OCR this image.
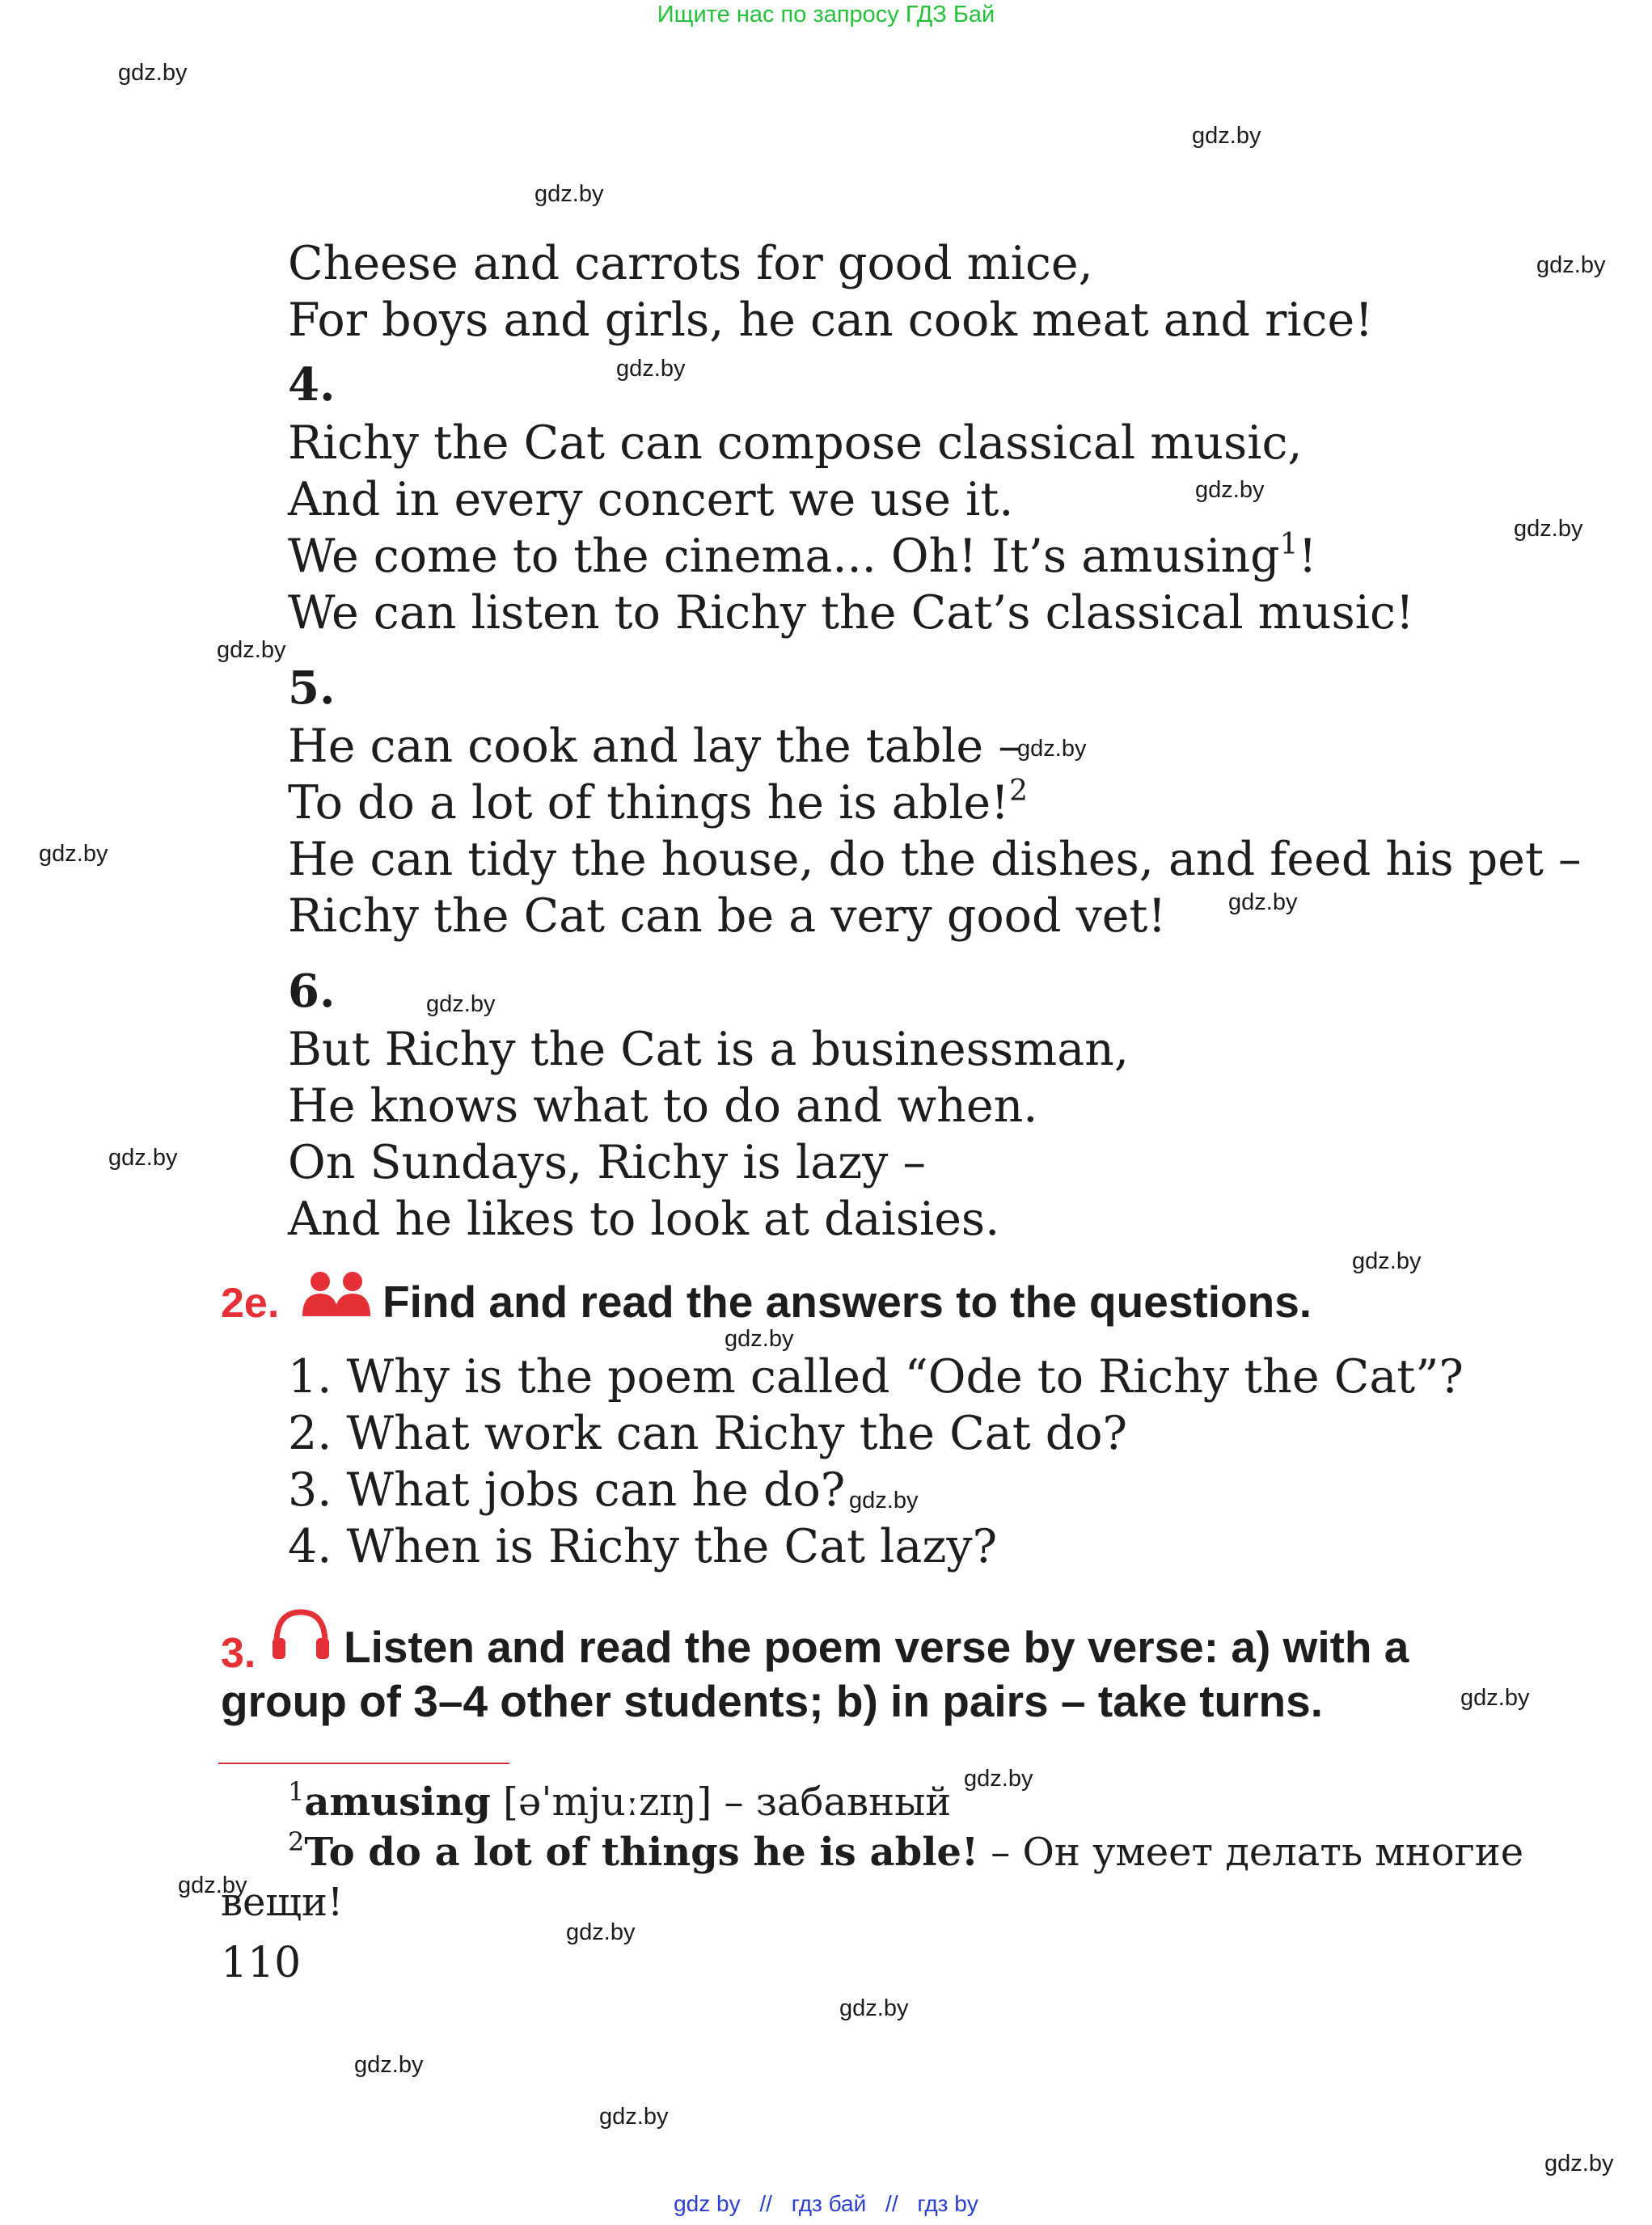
Ищите нас по запросу ГДЗ Бай
gdz.by
gdz.by
gdz.by
gdz.by
gdz.by
gdz.by
gdz.by
gdz.by
gdz.by
gdz.by
gdz.by
gdz.by
gdz.by
gdz.by
gdz.by
gdz.by
gdz.by
gdz.by
gdz.by
gdz.by
gdz.by
gdz.by
gdz.by
gdz.by
Cheese and carrots for good mice,
For boys and girls, he can cook meat and rice!
4.
Richy the Cat can compose classical music,
And in every concert we use it.
We come to the cinema... Oh! It’s amusing$^1$!
We can listen to Richy the Cat’s classical music!
5.
He can cook and lay the table –
To do a lot of things he is able!$^2$
He can tidy the house, do the dishes, and feed his pet –
Richy the Cat can be a very good vet!
6.
But Richy the Cat is a businessman,
He knows what to do and when.
On Sundays, Richy is lazy –
And he likes to look at daisies.
2e. Find and read the answers to the questions.
1. Why is the poem called “Ode to Richy the Cat”?
2. What work can Richy the Cat do?
3. What jobs can he do?
4. When is Richy the Cat lazy?
3. Listen and read the poem verse by verse: a) with a
group of 3–4 other students; b) in pairs – take turns.
$^1$amusing [əˈmjuːzɪŋ] – забавный
$^2$To do a lot of things he is able! – Он умеет делать многие
вещи!
110
gdz by // гдз бай // гдз by
